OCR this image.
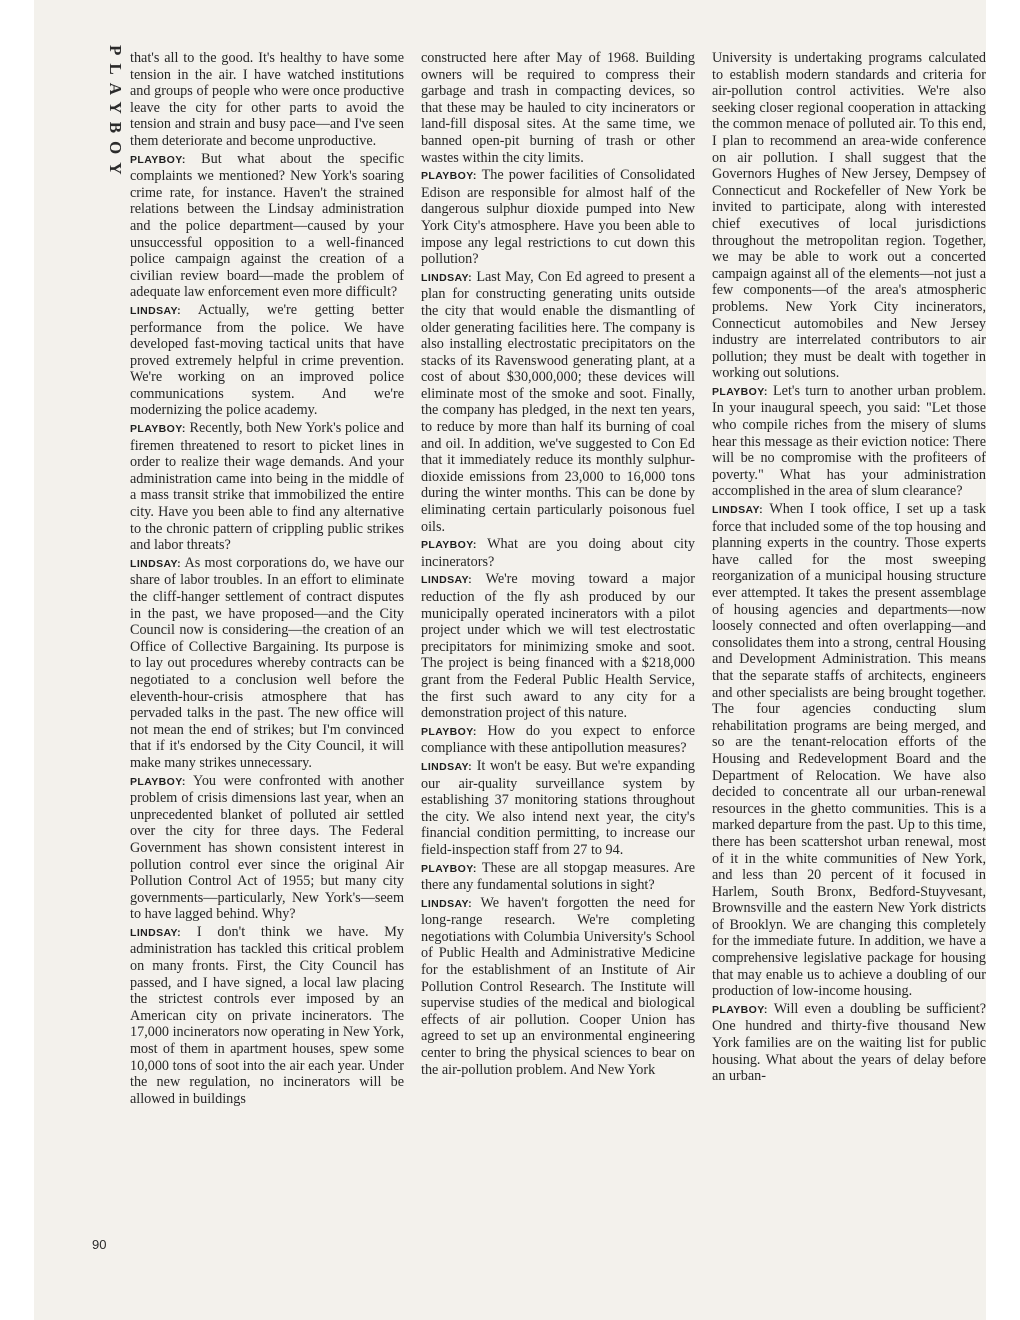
PLAYBOY that's all to the good. It's healthy to have some tension in the air. I have watched institutions and groups of people who were once productive leave the city for other parts to avoid the tension and strain and busy pace—and I've seen them deteriorate and become unproductive.

PLAYBOY: But what about the specific complaints we mentioned? New York's soaring crime rate, for instance. Haven't the strained relations between the Lindsay administration and the police department—caused by your unsuccessful opposition to a well-financed police campaign against the creation of a civilian review board—made the problem of adequate law enforcement even more difficult?

LINDSAY: Actually, we're getting better performance from the police. We have developed fast-moving tactical units that have proved extremely helpful in crime prevention. We're working on an improved police communications system. And we're modernizing the police academy.

PLAYBOY: Recently, both New York's police and firemen threatened to resort to picket lines in order to realize their wage demands. And your administration came into being in the middle of a mass transit strike that immobilized the entire city. Have you been able to find any alternative to the chronic pattern of crippling public strikes and labor threats?

LINDSAY: As most corporations do, we have our share of labor troubles. In an effort to eliminate the cliff-hanger settlement of contract disputes in the past, we have proposed—and the City Council now is considering—the creation of an Office of Collective Bargaining. Its purpose is to lay out procedures whereby contracts can be negotiated to a conclusion well before the eleventh-hour-crisis atmosphere that has pervaded talks in the past. The new office will not mean the end of strikes; but I'm convinced that if it's endorsed by the City Council, it will make many strikes unnecessary.

PLAYBOY: You were confronted with another problem of crisis dimensions last year, when an unprecedented blanket of polluted air settled over the city for three days. The Federal Government has shown consistent interest in pollution control ever since the original Air Pollution Control Act of 1955; but many city governments—particularly, New York's—seem to have lagged behind. Why?

LINDSAY: I don't think we have. My administration has tackled this critical problem on many fronts. First, the City Council has passed, and I have signed, a local law placing the strictest controls ever imposed by an American city on private incinerators. The 17,000 incinerators now operating in New York, most of them in apartment houses, spew some 10,000 tons of soot into the air each year. Under the new regulation, no incinerators will be allowed in buildings

constructed here after May of 1968. Building owners will be required to compress their garbage and trash in compacting devices, so that these may be hauled to city incinerators or land-fill disposal sites. At the same time, we banned open-pit burning of trash or other wastes within the city limits.

PLAYBOY: The power facilities of Consolidated Edison are responsible for almost half of the dangerous sulphur dioxide pumped into New York City's atmosphere. Have you been able to impose any legal restrictions to cut down this pollution?

LINDSAY: Last May, Con Ed agreed to present a plan for constructing generating units outside the city that would enable the dismantling of older generating facilities here. The company is also installing electrostatic precipitators on the stacks of its Ravenswood generating plant, at a cost of about $30,000,000; these devices will eliminate most of the smoke and soot. Finally, the company has pledged, in the next ten years, to reduce by more than half its burning of coal and oil. In addition, we've suggested to Con Ed that it immediately reduce its monthly sulphur-dioxide emissions from 23,000 to 16,000 tons during the winter months. This can be done by eliminating certain particularly poisonous fuel oils.

PLAYBOY: What are you doing about city incinerators?

LINDSAY: We're moving toward a major reduction of the fly ash produced by our municipally operated incinerators with a pilot project under which we will test electrostatic precipitators for minimizing smoke and soot. The project is being financed with a $218,000 grant from the Federal Public Health Service, the first such award to any city for a demonstration project of this nature.

PLAYBOY: How do you expect to enforce compliance with these antipollution measures?

LINDSAY: It won't be easy. But we're expanding our air-quality surveillance system by establishing 37 monitoring stations throughout the city. We also intend next year, the city's financial condition permitting, to increase our field-inspection staff from 27 to 94.

PLAYBOY: These are all stopgap measures. Are there any fundamental solutions in sight?

LINDSAY: We haven't forgotten the need for long-range research. We're completing negotiations with Columbia University's School of Public Health and Administrative Medicine for the establishment of an Institute of Air Pollution Control Research. The Institute will supervise studies of the medical and biological effects of air pollution. Cooper Union has agreed to set up an environmental engineering center to bring the physical sciences to bear on the air-pollution problem. And New York

University is undertaking programs calculated to establish modern standards and criteria for air-pollution control activities. We're also seeking closer regional cooperation in attacking the common menace of polluted air. To this end, I plan to recommend an area-wide conference on air pollution. I shall suggest that the Governors Hughes of New Jersey, Dempsey of Connecticut and Rockefeller of New York be invited to participate, along with interested chief executives of local jurisdictions throughout the metropolitan region. Together, we may be able to work out a concerted campaign against all of the elements—not just a few components—of the area's atmospheric problems. New York City incinerators, Connecticut automobiles and New Jersey industry are interrelated contributors to air pollution; they must be dealt with together in working out solutions.

PLAYBOY: Let's turn to another urban problem. In your inaugural speech, you said: "Let those who compile riches from the misery of slums hear this message as their eviction notice: There will be no compromise with the profiteers of poverty." What has your administration accomplished in the area of slum clearance?

LINDSAY: When I took office, I set up a task force that included some of the top housing and planning experts in the country. Those experts have called for the most sweeping reorganization of a municipal housing structure ever attempted. It takes the present assemblage of housing agencies and departments—now loosely connected and often overlapping—and consolidates them into a strong, central Housing and Development Administration. This means that the separate staffs of architects, engineers and other specialists are being brought together. The four agencies conducting slum rehabilitation programs are being merged, and so are the tenant-relocation efforts of the Housing and Redevelopment Board and the Department of Relocation. We have also decided to concentrate all our urban-renewal resources in the ghetto communities. This is a marked departure from the past. Up to this time, there has been scattershot urban renewal, most of it in the white communities of New York, and less than 20 percent of it focused in Harlem, South Bronx, Bedford-Stuyvesant, Brownsville and the eastern New York districts of Brooklyn. We are changing this completely for the immediate future. In addition, we have a comprehensive legislative package for housing that may enable us to achieve a doubling of our production of low-income housing.

PLAYBOY: Will even a doubling be sufficient? One hundred and thirty-five thousand New York families are on the waiting list for public housing. What about the years of delay before an urban-

90
